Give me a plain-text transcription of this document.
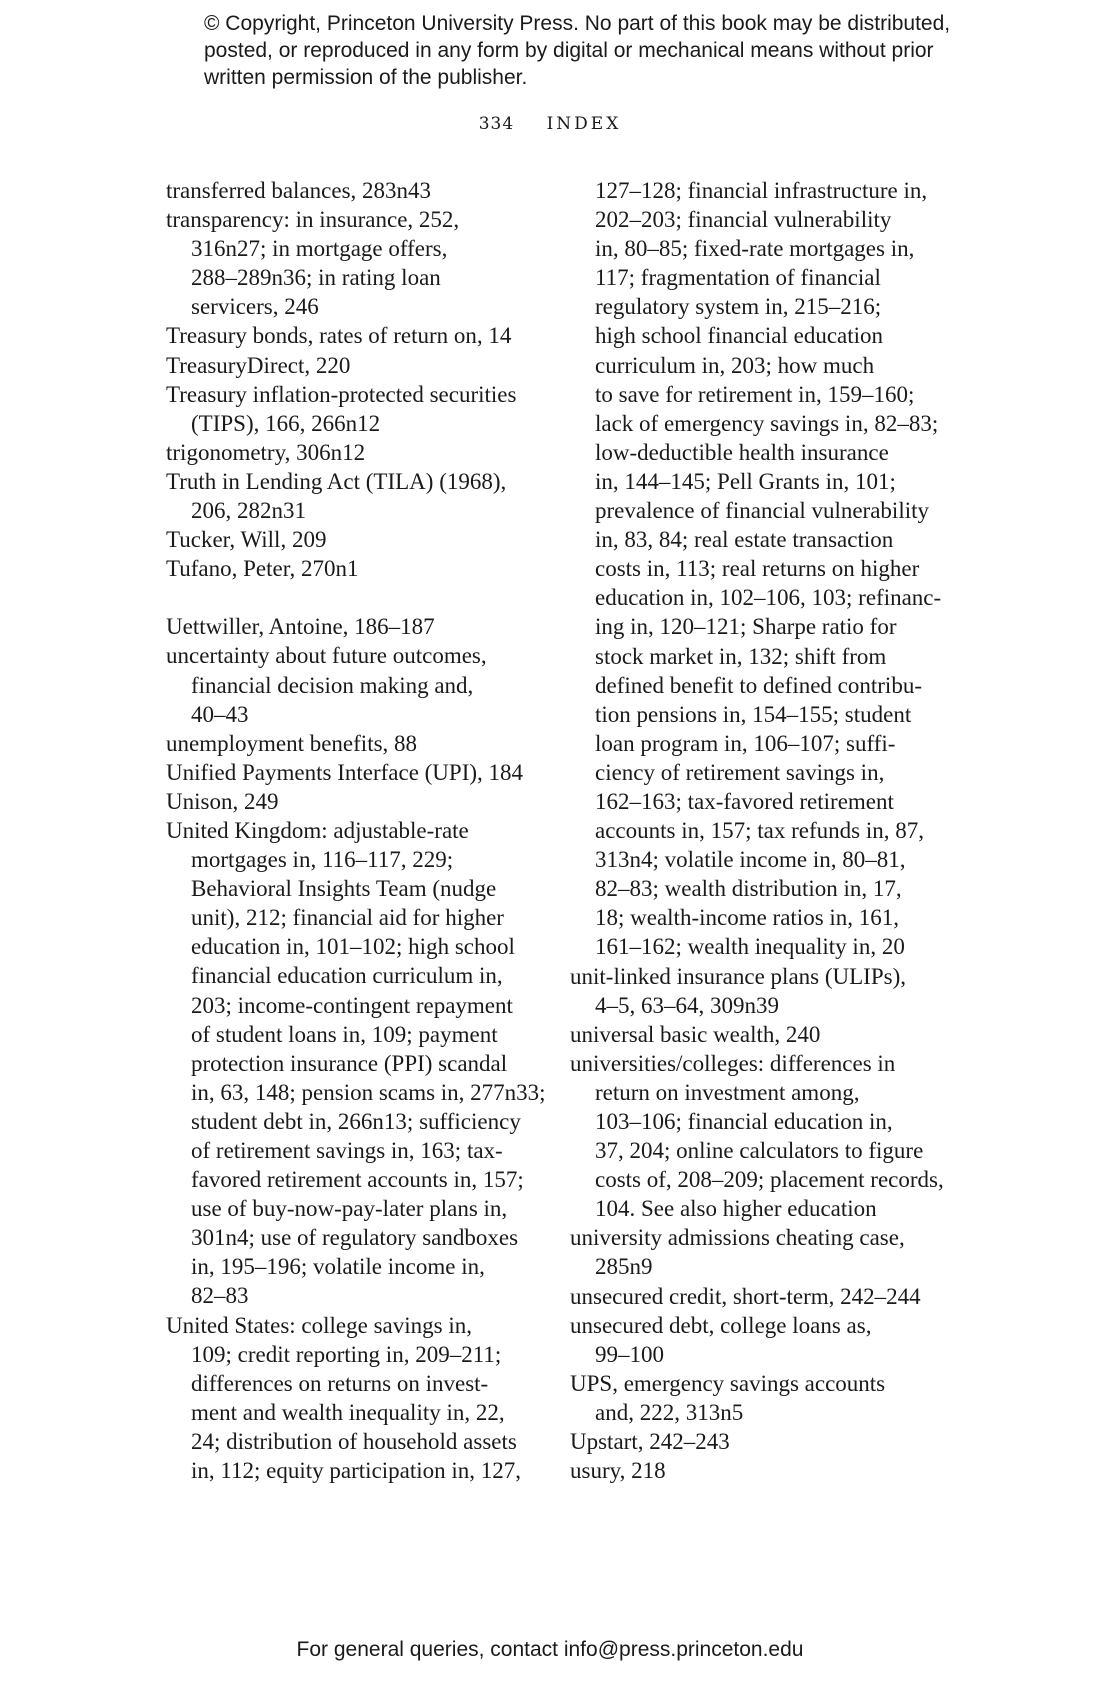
© Copyright, Princeton University Press. No part of this book may be distributed, posted, or reproduced in any form by digital or mechanical means without prior written permission of the publisher.
334 INDEX
transferred balances, 283n43
transparency: in insurance, 252,
316n27; in mortgage offers,
288–289n36; in rating loan
servicers, 246
Treasury bonds, rates of return on, 14
TreasuryDirect, 220
Treasury inflation-protected securities
(TIPS), 166, 266n12
trigonometry, 306n12
Truth in Lending Act (TILA) (1968),
206, 282n31
Tucker, Will, 209
Tufano, Peter, 270n1
Uettwiller, Antoine, 186–187
uncertainty about future outcomes,
financial decision making and,
40–43
unemployment benefits, 88
Unified Payments Interface (UPI), 184
Unison, 249
United Kingdom: adjustable-rate
mortgages in, 116–117, 229;
Behavioral Insights Team (nudge
unit), 212; financial aid for higher
education in, 101–102; high school
financial education curriculum in,
203; income-contingent repayment
of student loans in, 109; payment
protection insurance (PPI) scandal
in, 63, 148; pension scams in, 277n33;
student debt in, 266n13; sufficiency
of retirement savings in, 163; tax-
favored retirement accounts in, 157;
use of buy-now-pay-later plans in,
301n4; use of regulatory sandboxes
in, 195–196; volatile income in,
82–83
United States: college savings in,
109; credit reporting in, 209–211;
differences on returns on invest-
ment and wealth inequality in, 22,
24; distribution of household assets
in, 112; equity participation in, 127,
127–128; financial infrastructure in,
202–203; financial vulnerability
in, 80–85; fixed-rate mortgages in,
117; fragmentation of financial
regulatory system in, 215–216;
high school financial education
curriculum in, 203; how much
to save for retirement in, 159–160;
lack of emergency savings in, 82–83;
low-deductible health insurance
in, 144–145; Pell Grants in, 101;
prevalence of financial vulnerability
in, 83, 84; real estate transaction
costs in, 113; real returns on higher
education in, 102–106, 103; refinanc-
ing in, 120–121; Sharpe ratio for
stock market in, 132; shift from
defined benefit to defined contribu-
tion pensions in, 154–155; student
loan program in, 106–107; suffi-
ciency of retirement savings in,
162–163; tax-favored retirement
accounts in, 157; tax refunds in, 87,
313n4; volatile income in, 80–81,
82–83; wealth distribution in, 17,
18; wealth-income ratios in, 161,
161–162; wealth inequality in, 20
unit-linked insurance plans (ULIPs),
4–5, 63–64, 309n39
universal basic wealth, 240
universities/colleges: differences in
return on investment among,
103–106; financial education in,
37, 204; online calculators to figure
costs of, 208–209; placement records,
104. See also higher education
university admissions cheating case,
285n9
unsecured credit, short-term, 242–244
unsecured debt, college loans as,
99–100
UPS, emergency savings accounts
and, 222, 313n5
Upstart, 242–243
usury, 218
For general queries, contact info@press.princeton.edu
